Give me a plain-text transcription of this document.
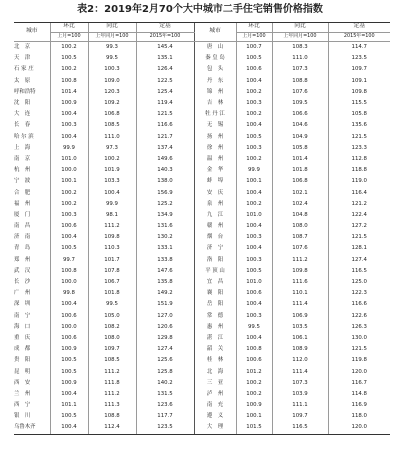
表2：2019年2月70个大中城市二手住宅销售价格指数
城市	环比	同比	定基	城市	环比	同比	定基
	上月=100	上年同月=100	2015年=100		上月=100	上年同月=100	2015年=100
北　京	100.2	99.3	145.4	唐　山	100.7	108.3	114.7
天　津	100.5	99.5	135.1	秦 皇 岛	100.5	111.0	123.5
石 家 庄	100.2	100.3	126.4	包　头	100.6	107.3	109.7
太　原	100.8	109.0	122.5	丹　东	100.4	108.8	109.1
呼和浩特	101.4	120.3	125.4	锦　州	100.2	107.6	109.8
沈　阳	100.9	109.2	119.4	吉　林	100.3	109.5	115.5
大　连	100.4	106.8	121.5	牡 丹 江	100.2	106.6	105.8
长　春	100.3	108.5	116.6	无　锡	100.4	104.6	135.6
哈 尔 滨	100.4	111.0	121.7	扬　州	100.5	104.9	121.5
上　海	99.9	97.3	137.4	徐　州	100.3	105.8	123.3
南　京	101.0	100.2	149.6	温　州	100.2	101.4	112.8
杭　州	100.0	101.9	140.3	金　华	99.9	101.8	118.8
宁　波	100.1	103.3	138.0	蚌　埠	100.1	106.8	119.0
合　肥	100.2	100.4	156.9	安　庆	100.4	102.1	116.4
福　州	100.2	99.9	125.2	泉　州	100.2	102.4	121.2
厦　门	100.3	98.1	134.9	九　江	101.0	104.8	122.4
南　昌	100.6	111.2	131.6	赣　州	100.4	108.0	127.2
济　南	100.4	109.8	130.2	烟　台	100.3	108.7	121.5
青　岛	100.5	110.3	133.1	济　宁	100.4	107.6	128.1
郑　州	99.7	101.7	133.8	洛　阳	100.3	111.2	127.4
武　汉	100.8	107.8	147.6	平 顶 山	100.5	109.8	116.5
长　沙	100.0	106.7	135.8	宜　昌	101.0	111.6	125.0
广　州	99.8	101.8	149.2	襄　阳	100.6	110.1	122.3
深　圳	100.4	99.5	151.9	岳　阳	100.4	111.4	116.6
南　宁	100.6	105.0	127.0	常　德	100.3	106.9	122.6
海　口	100.0	108.2	120.6	惠　州	99.5	103.5	126.3
重　庆	100.6	108.0	129.8	湛　江	100.4	106.1	130.0
成　都	100.9	109.7	127.4	韶　关	100.8	108.9	121.5
贵　阳	100.5	108.5	125.6	桂　林	100.6	112.0	119.8
昆　明	100.5	111.2	125.8	北　海	101.2	111.4	120.0
西　安	100.9	111.8	140.2	三　亚	100.2	107.3	116.7
兰　州	100.4	111.2	131.5	泸　州	100.2	103.9	114.8
西　宁	101.1	111.3	123.6	南　充	100.9	111.1	116.9
银　川	100.5	108.8	117.7	遵　义	100.1	109.7	118.0
乌鲁木齐	100.4	112.4	123.5	大　理	101.5	116.5	120.0
